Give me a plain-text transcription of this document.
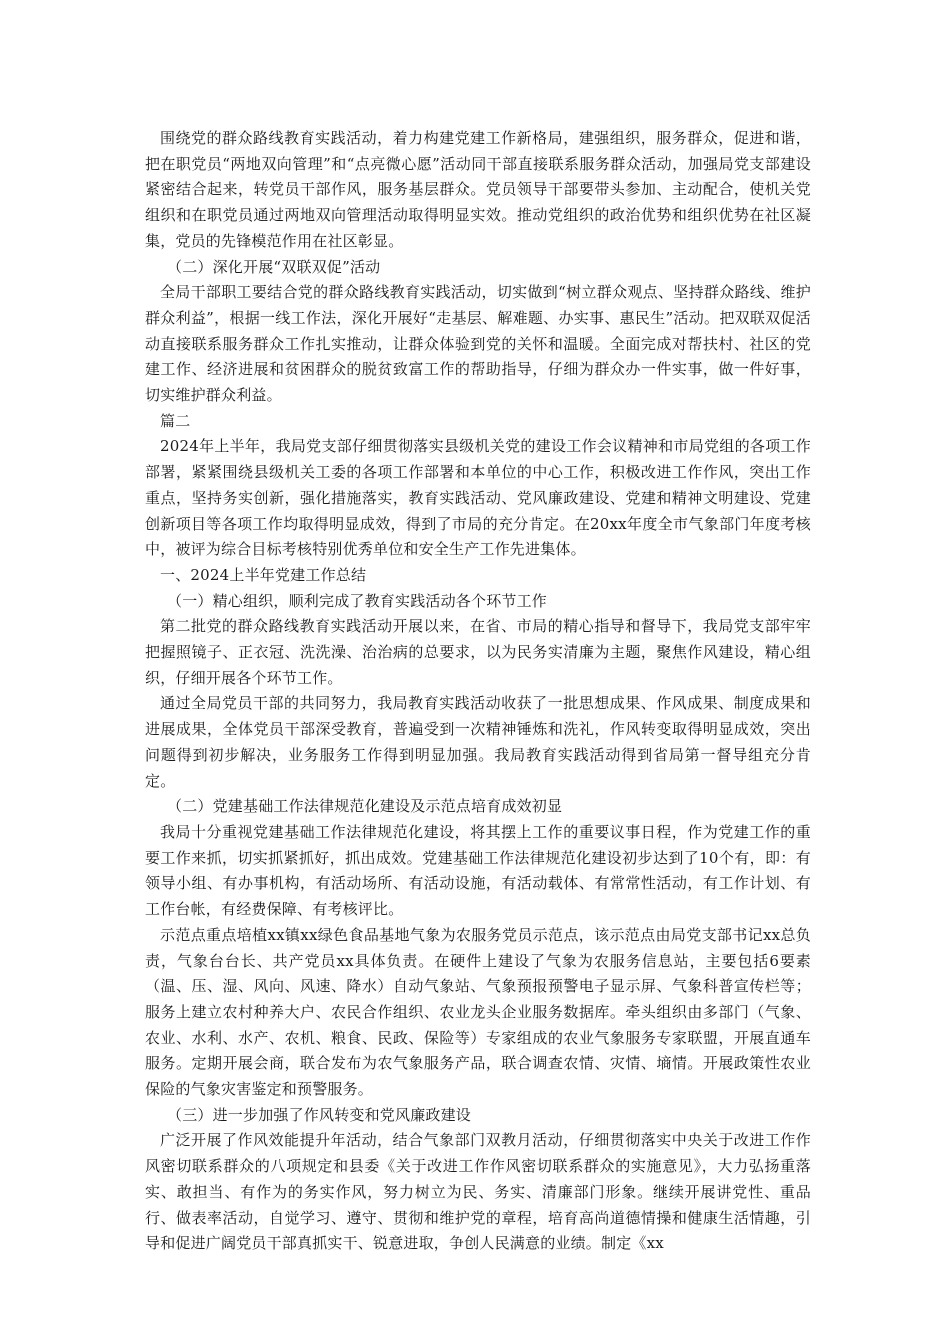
围绕党的群众路线教育实践活动，着力构建党建工作新格局，建强组织，服务群众，促进和谐，把在职党员“两地双向管理”和“点亮微心愿”活动同干部直接联系服务群众活动，加强局党支部建设紧密结合起来，转党员干部作风，服务基层群众。党员领导干部要带头参加、主动配合，使机关党组织和在职党员通过两地双向管理活动取得明显实效。推动党组织的政治优势和组织优势在社区凝集，党员的先锋模范作用在社区彰显。

（二）深化开展“双联双促”活动

全局干部职工要结合党的群众路线教育实践活动，切实做到“树立群众观点、坚持群众路线、维护群众利益”，根据一线工作法，深化开展好“走基层、解难题、办实事、惠民生”活动。把双联双促活动直接联系服务群众工作扎实推动，让群众体验到党的关怀和温暖。全面完成对帮扶村、社区的党建工作、经济进展和贫困群众的脱贫致富工作的帮助指导，仔细为群众办一件实事，做一件好事，切实维护群众利益。

篇二

2024年上半年，我局党支部仔细贯彻落实县级机关党的建设工作会议精神和市局党组的各项工作部署，紧紧围绕县级机关工委的各项工作部署和本单位的中心工作，积极改进工作作风，突出工作重点，坚持务实创新，强化措施落实，教育实践活动、党风廉政建设、党建和精神文明建设、党建创新项目等各项工作均取得明显成效，得到了市局的充分肯定。在20xx年度全市气象部门年度考核中，被评为综合目标考核特别优秀单位和安全生产工作先进集体。

一、2024上半年党建工作总结

（一）精心组织，顺利完成了教育实践活动各个环节工作

第二批党的群众路线教育实践活动开展以来，在省、市局的精心指导和督导下，我局党支部牢牢把握照镜子、正衣冠、洗洗澡、治治病的总要求，以为民务实清廉为主题，聚焦作风建设，精心组织，仔细开展各个环节工作。

通过全局党员干部的共同努力，我局教育实践活动收获了一批思想成果、作风成果、制度成果和进展成果，全体党员干部深受教育，普遍受到一次精神锤炼和洗礼，作风转变取得明显成效，突出问题得到初步解决，业务服务工作得到明显加强。我局教育实践活动得到省局第一督导组充分肯定。

（二）党建基础工作法律规范化建设及示范点培育成效初显

我局十分重视党建基础工作法律规范化建设，将其摆上工作的重要议事日程，作为党建工作的重要工作来抓，切实抓紧抓好，抓出成效。党建基础工作法律规范化建设初步达到了10个有，即：有领导小组、有办事机构，有活动场所、有活动设施，有活动载体、有常常性活动，有工作计划、有工作台帐，有经费保障、有考核评比。

示范点重点培植xx镇xx绿色食品基地气象为农服务党员示范点，该示范点由局党支部书记xx总负责，气象台台长、共产党员xx具体负责。在硬件上建设了气象为农服务信息站，主要包括6要素（温、压、湿、风向、风速、降水）自动气象站、气象预报预警电子显示屏、气象科普宣传栏等；服务上建立农村种养大户、农民合作组织、农业龙头企业服务数据库。牵头组织由多部门（气象、农业、水利、水产、农机、粮食、民政、保险等）专家组成的农业气象服务专家联盟，开展直通车服务。定期开展会商，联合发布为农气象服务产品，联合调查农情、灾情、墒情。开展政策性农业保险的气象灾害鉴定和预警服务。

（三）进一步加强了作风转变和党风廉政建设

广泛开展了作风效能提升年活动，结合气象部门双教月活动，仔细贯彻落实中央关于改进工作作风密切联系群众的八项规定和县委《关于改进工作作风密切联系群众的实施意见》，大力弘扬重落实、敢担当、有作为的务实作风，努力树立为民、务实、清廉部门形象。继续开展讲党性、重品行、做表率活动，自觉学习、遵守、贯彻和维护党的章程，培育高尚道德情操和健康生活情趣，引导和促进广阔党员干部真抓实干、锐意进取，争创人民满意的业绩。制定《xx
